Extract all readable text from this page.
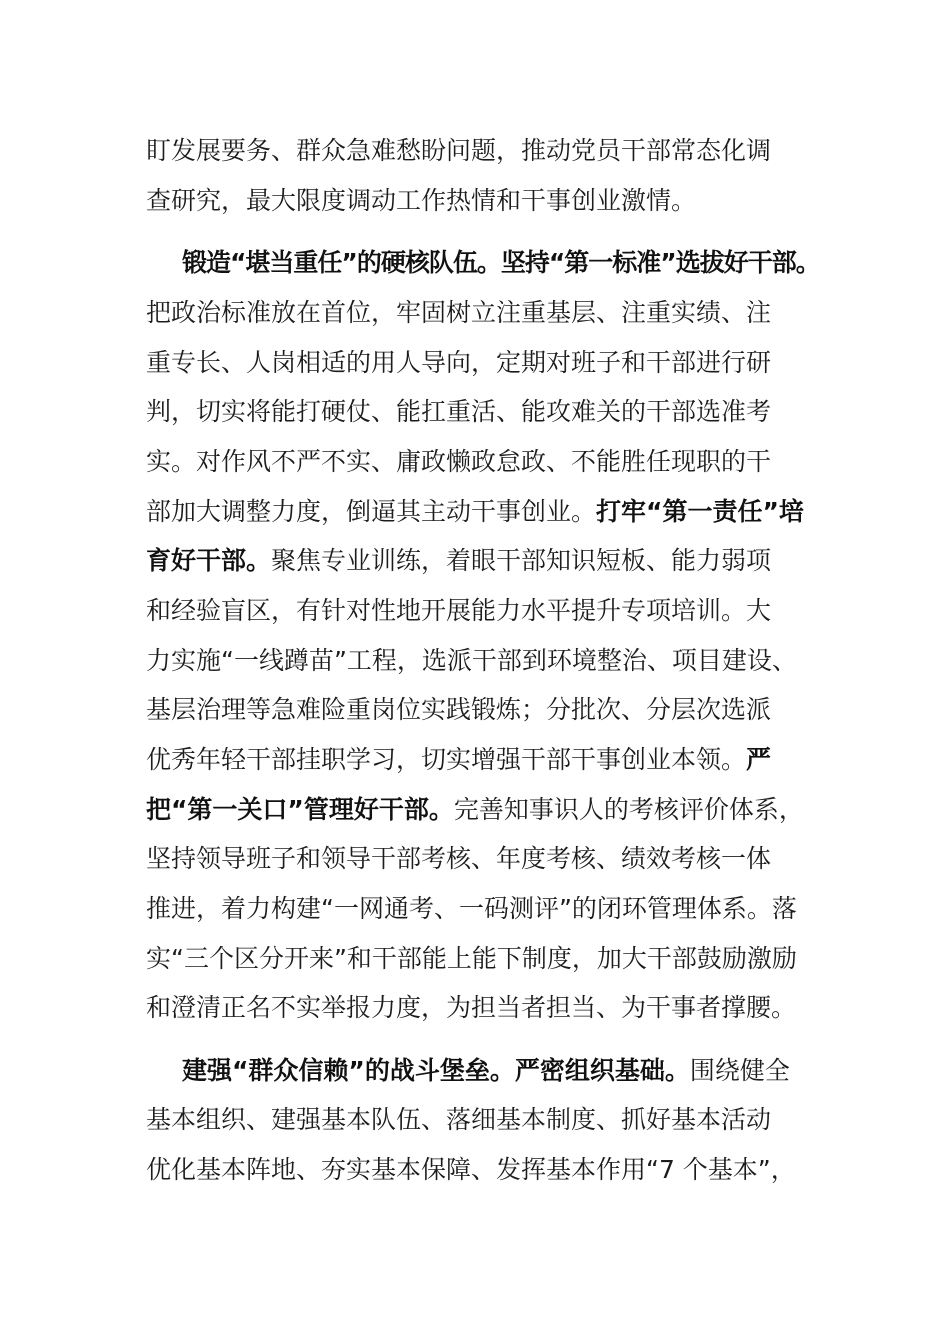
盯发展要务、群众急难愁盼问题，推动党员干部常态化调
查研究，最大限度调动工作热情和干事创业激情。
锻造“堪当重任”的硬核队伍。坚持“第一标准”选拔好干部。
把政治标准放在首位，牢固树立注重基层、注重实绩、注
重专长、人岗相适的用人导向，定期对班子和干部进行研
判，切实将能打硬仗、能扛重活、能攻难关的干部选准考
实。对作风不严不实、庸政懒政怠政、不能胜任现职的干
部加大调整力度，倒逼其主动干事创业。打牢“第一责任”培
育好干部。聚焦专业训练，着眼干部知识短板、能力弱项
和经验盲区，有针对性地开展能力水平提升专项培训。大
力实施“一线蹲苗”工程，选派干部到环境整治、项目建设、
基层治理等急难险重岗位实践锻炼；分批次、分层次选派
优秀年轻干部挂职学习，切实增强干部干事创业本领。严
把“第一关口”管理好干部。完善知事识人的考核评价体系，
坚持领导班子和领导干部考核、年度考核、绩效考核一体
推进，着力构建“一网通考、一码测评”的闭环管理体系。落
实“三个区分开来”和干部能上能下制度，加大干部鼓励激励
和澄清正名不实举报力度，为担当者担当、为干事者撑腰。
建强“群众信赖”的战斗堡垒。严密组织基础。围绕健全
基本组织、建强基本队伍、落细基本制度、抓好基本活动
优化基本阵地、夯实基本保障、发挥基本作用“7 个基本”，
